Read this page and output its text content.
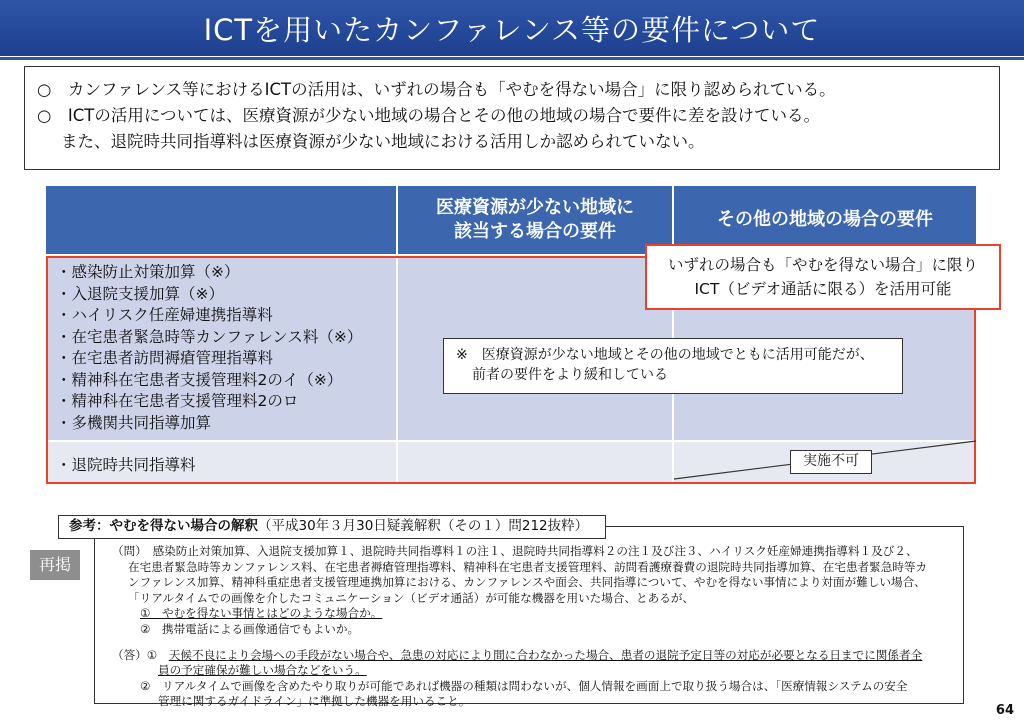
ICTを用いたカンファレンス等の要件について
○　カンファレンス等におけるICTの活用は、いずれの場合も「やむを得ない場合」に限り認められている。
○　ICTの活用については、医療資源が少ない地域の場合とその他の地域の場合で要件に差を設けている。
また、退院時共同指導料は医療資源が少ない地域における活用しか認められていない。
医療資源が少ない地域に
該当する場合の要件
その他の地域の場合の要件
・感染防止対策加算（※）
・入退院支援加算（※）
・ハイリスク任産婦連携指導料
・在宅患者緊急時等カンファレンス料（※）
・在宅患者訪問褥瘡管理指導料
・精神科在宅患者支援管理料2のイ（※）
・精神科在宅患者支援管理料2のロ
・多機関共同指導加算
・退院時共同指導料
いずれの場合も「やむを得ない場合」に限り
ICT（ビデオ通話に限る）を活用可能
※　医療資源が少ない地域とその他の地域でともに活用可能だが、
前者の要件をより緩和している
実施不可
参考：やむを得ない場合の解釈（平成30年３月30日疑義解釈（その１）問212抜粋）
再掲
（問）　 感染防止対策加算、入退院支援加算１、退院時共同指導料１の注１、退院時共同指導料２の注１及び注３、ハイリスク妊産婦連携指導料１及び２、
在宅患者緊急時等カンファレンス料、在宅患者褥瘡管理指導料、精神科在宅患者支援管理料、訪問看護療養費の退院時共同指導加算、在宅患者緊急時等カ
ンファレンス加算、精神科重症患者支援管理連携加算における、カンファレンスや面会、共同指導について、やむを得ない事情により対面が難しい場合、
「リアルタイムでの画像を介したコミュニケーション（ビデオ通話）が可能な機器を用いた場合、とあるが、
①　やむを得ない事情とはどのような場合か。
②　携帯電話による画像通信でもよいか。
（答）①　 天候不良により会場への手段がない場合や、急患の対応により間に合わなかった場合、患者の退院予定日等の対応が必要となる日までに関係者全
員の予定確保が難しい場合などをいう。
②　リアルタイムで画像を含めたやり取りが可能であれば機器の種類は問わないが、個人情報を画面上で取り扱う場合は、「医療情報システムの安全
管理に関するガイドライン」に準拠した機器を用いること。
64
